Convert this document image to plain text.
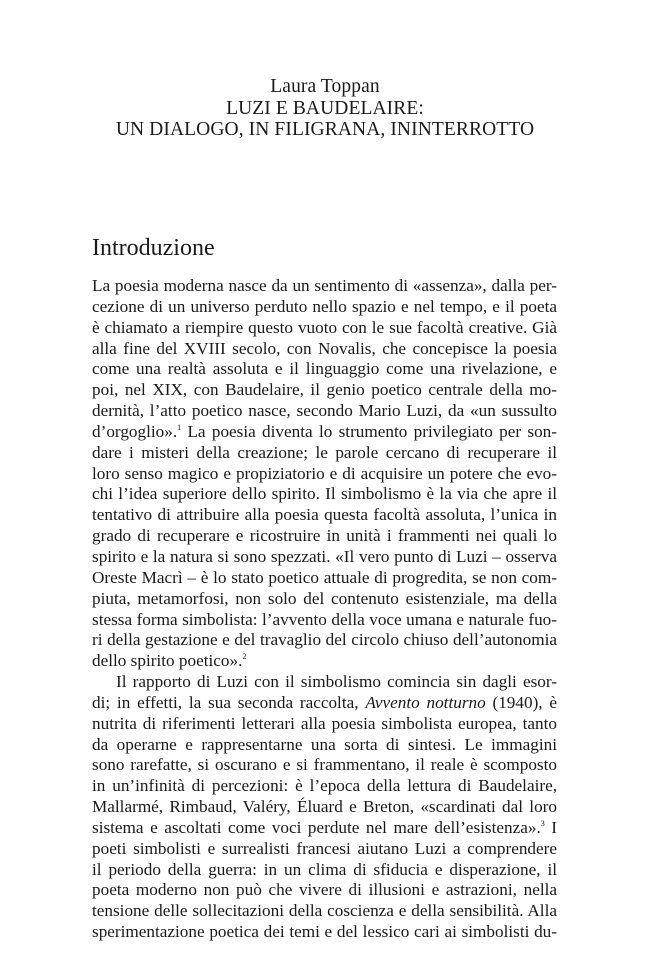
Laura Toppan
LUZI E BAUDELAIRE:
UN DIALOGO, IN FILIGRANA, ININTERROTTO
Introduzione
La poesia moderna nasce da un sentimento di «assenza», dalla per-
cezione di un universo perduto nello spazio e nel tempo, e il poeta
è chiamato a riempire questo vuoto con le sue facoltà creative. Già
alla fine del XVIII secolo, con Novalis, che concepisce la poesia
come una realtà assoluta e il linguaggio come una rivelazione, e
poi, nel XIX, con Baudelaire, il genio poetico centrale della mo-
dernità, l’atto poetico nasce, secondo Mario Luzi, da «un sussulto
d’orgoglio».$^1$ La poesia diventa lo strumento privilegiato per son-
dare i misteri della creazione; le parole cercano di recuperare il
loro senso magico e propiziatorio e di acquisire un potere che evo-
chi l’idea superiore dello spirito. Il simbolismo è la via che apre il
tentativo di attribuire alla poesia questa facoltà assoluta, l’unica in
grado di recuperare e ricostruire in unità i frammenti nei quali lo
spirito e la natura si sono spezzati. «Il vero punto di Luzi – osserva
Oreste Macrì – è lo stato poetico attuale di progredita, se non com-
piuta, metamorfosi, non solo del contenuto esistenziale, ma della
stessa forma simbolista: l’avvento della voce umana e naturale fuo-
ri della gestazione e del travaglio del circolo chiuso dell’autonomia
dello spirito poetico».$^2$
Il rapporto di Luzi con il simbolismo comincia sin dagli esor-
di; in effetti, la sua seconda raccolta, Avvento notturno (1940), è
nutrita di riferimenti letterari alla poesia simbolista europea, tanto
da operarne e rappresentarne una sorta di sintesi. Le immagini
sono rarefatte, si oscurano e si frammentano, il reale è scomposto
in un’infinità di percezioni: è l’epoca della lettura di Baudelaire,
Mallarmé, Rimbaud, Valéry, Éluard e Breton, «scardinati dal loro
sistema e ascoltati come voci perdute nel mare dell’esistenza».$^3$ I
poeti simbolisti e surrealisti francesi aiutano Luzi a comprendere
il periodo della guerra: in un clima di sfiducia e disperazione, il
poeta moderno non può che vivere di illusioni e astrazioni, nella
tensione delle sollecitazioni della coscienza e della sensibilità. Alla
sperimentazione poetica dei temi e del lessico cari ai simbolisti du-
